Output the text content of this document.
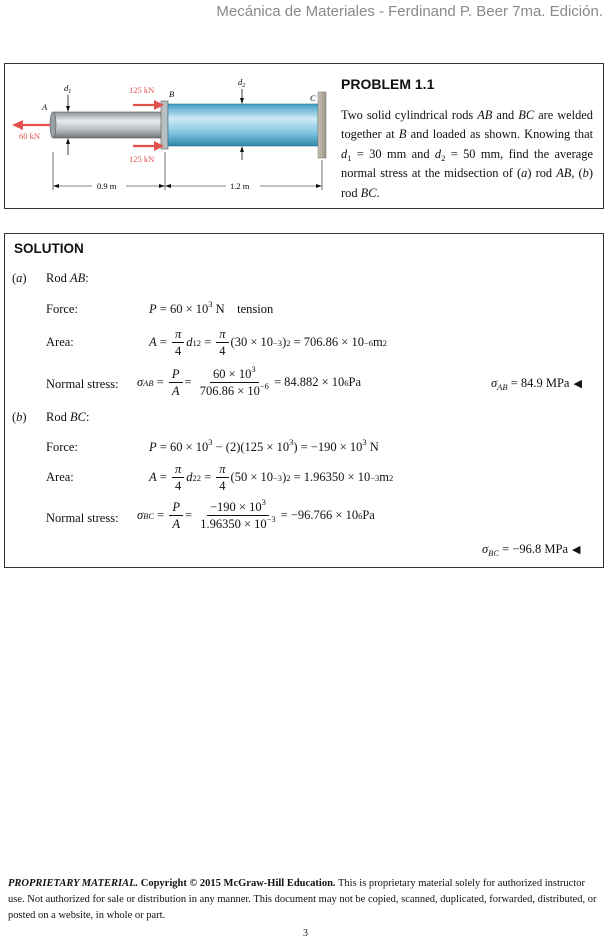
Mecánica de Materiales - Ferdinand P. Beer 7ma. Edición.
60 kN
A
$d_1$	125 kN B
125 kN
$d_2$
C
0.9 m	1.2 m
PROBLEM 1.1
Two solid cylindrical rods AB and BC are welded together at B and loaded as shown. Knowing that $d_1 = 30$ mm and $d_2 = 50$ mm, find the average normal stress at the midsection of (a) rod AB, (b) rod BC.
SOLUTION
(a) Rod AB:
Force:	$P = 60 \times 10^3$ N    tension
Area:	$A = \frac{\pi}{4}$ d 1 $2 = \frac{\pi}{4} (30 \times 10 -3$ ) 2 = 706.86 × 10 −6 m 2
Normal stress: σ AB = $\frac{P}{A} = \frac{60 \times 10^3}{706.86 \times 10^{-6}} = 84.882 \times 10$ 6 Pa	$\sigma_{AB} = 84.9$ MPa ◀
(b) Rod BC:
Force:	$P = 60 \times 10^3 - (2)(125 \times 10^3) = -190 \times 10^3$ N
Area:	$A = \frac{\pi}{4}$ d 2 $2 = \frac{\pi}{4} (50 \times 10 -3$ ) 2 = 1.96350 × 10 −3 m 2
Normal stress: σ BC = $\frac{P}{A} = \frac{-190 \times 10^3}{1.96350 \times 10^{-3}} = -96.766 \times 10$ 6 Pa
$\sigma_{BC} = -96.8$ MPa ◀
PROPRIETARY MATERIAL. Copyright © 2015 McGraw-Hill Education. This is proprietary material solely for authorized instructor use. Not authorized for sale or distribution in any manner. This document may not be copied, scanned, duplicated, forwarded, distributed, or posted on a website, in whole or part.
3
